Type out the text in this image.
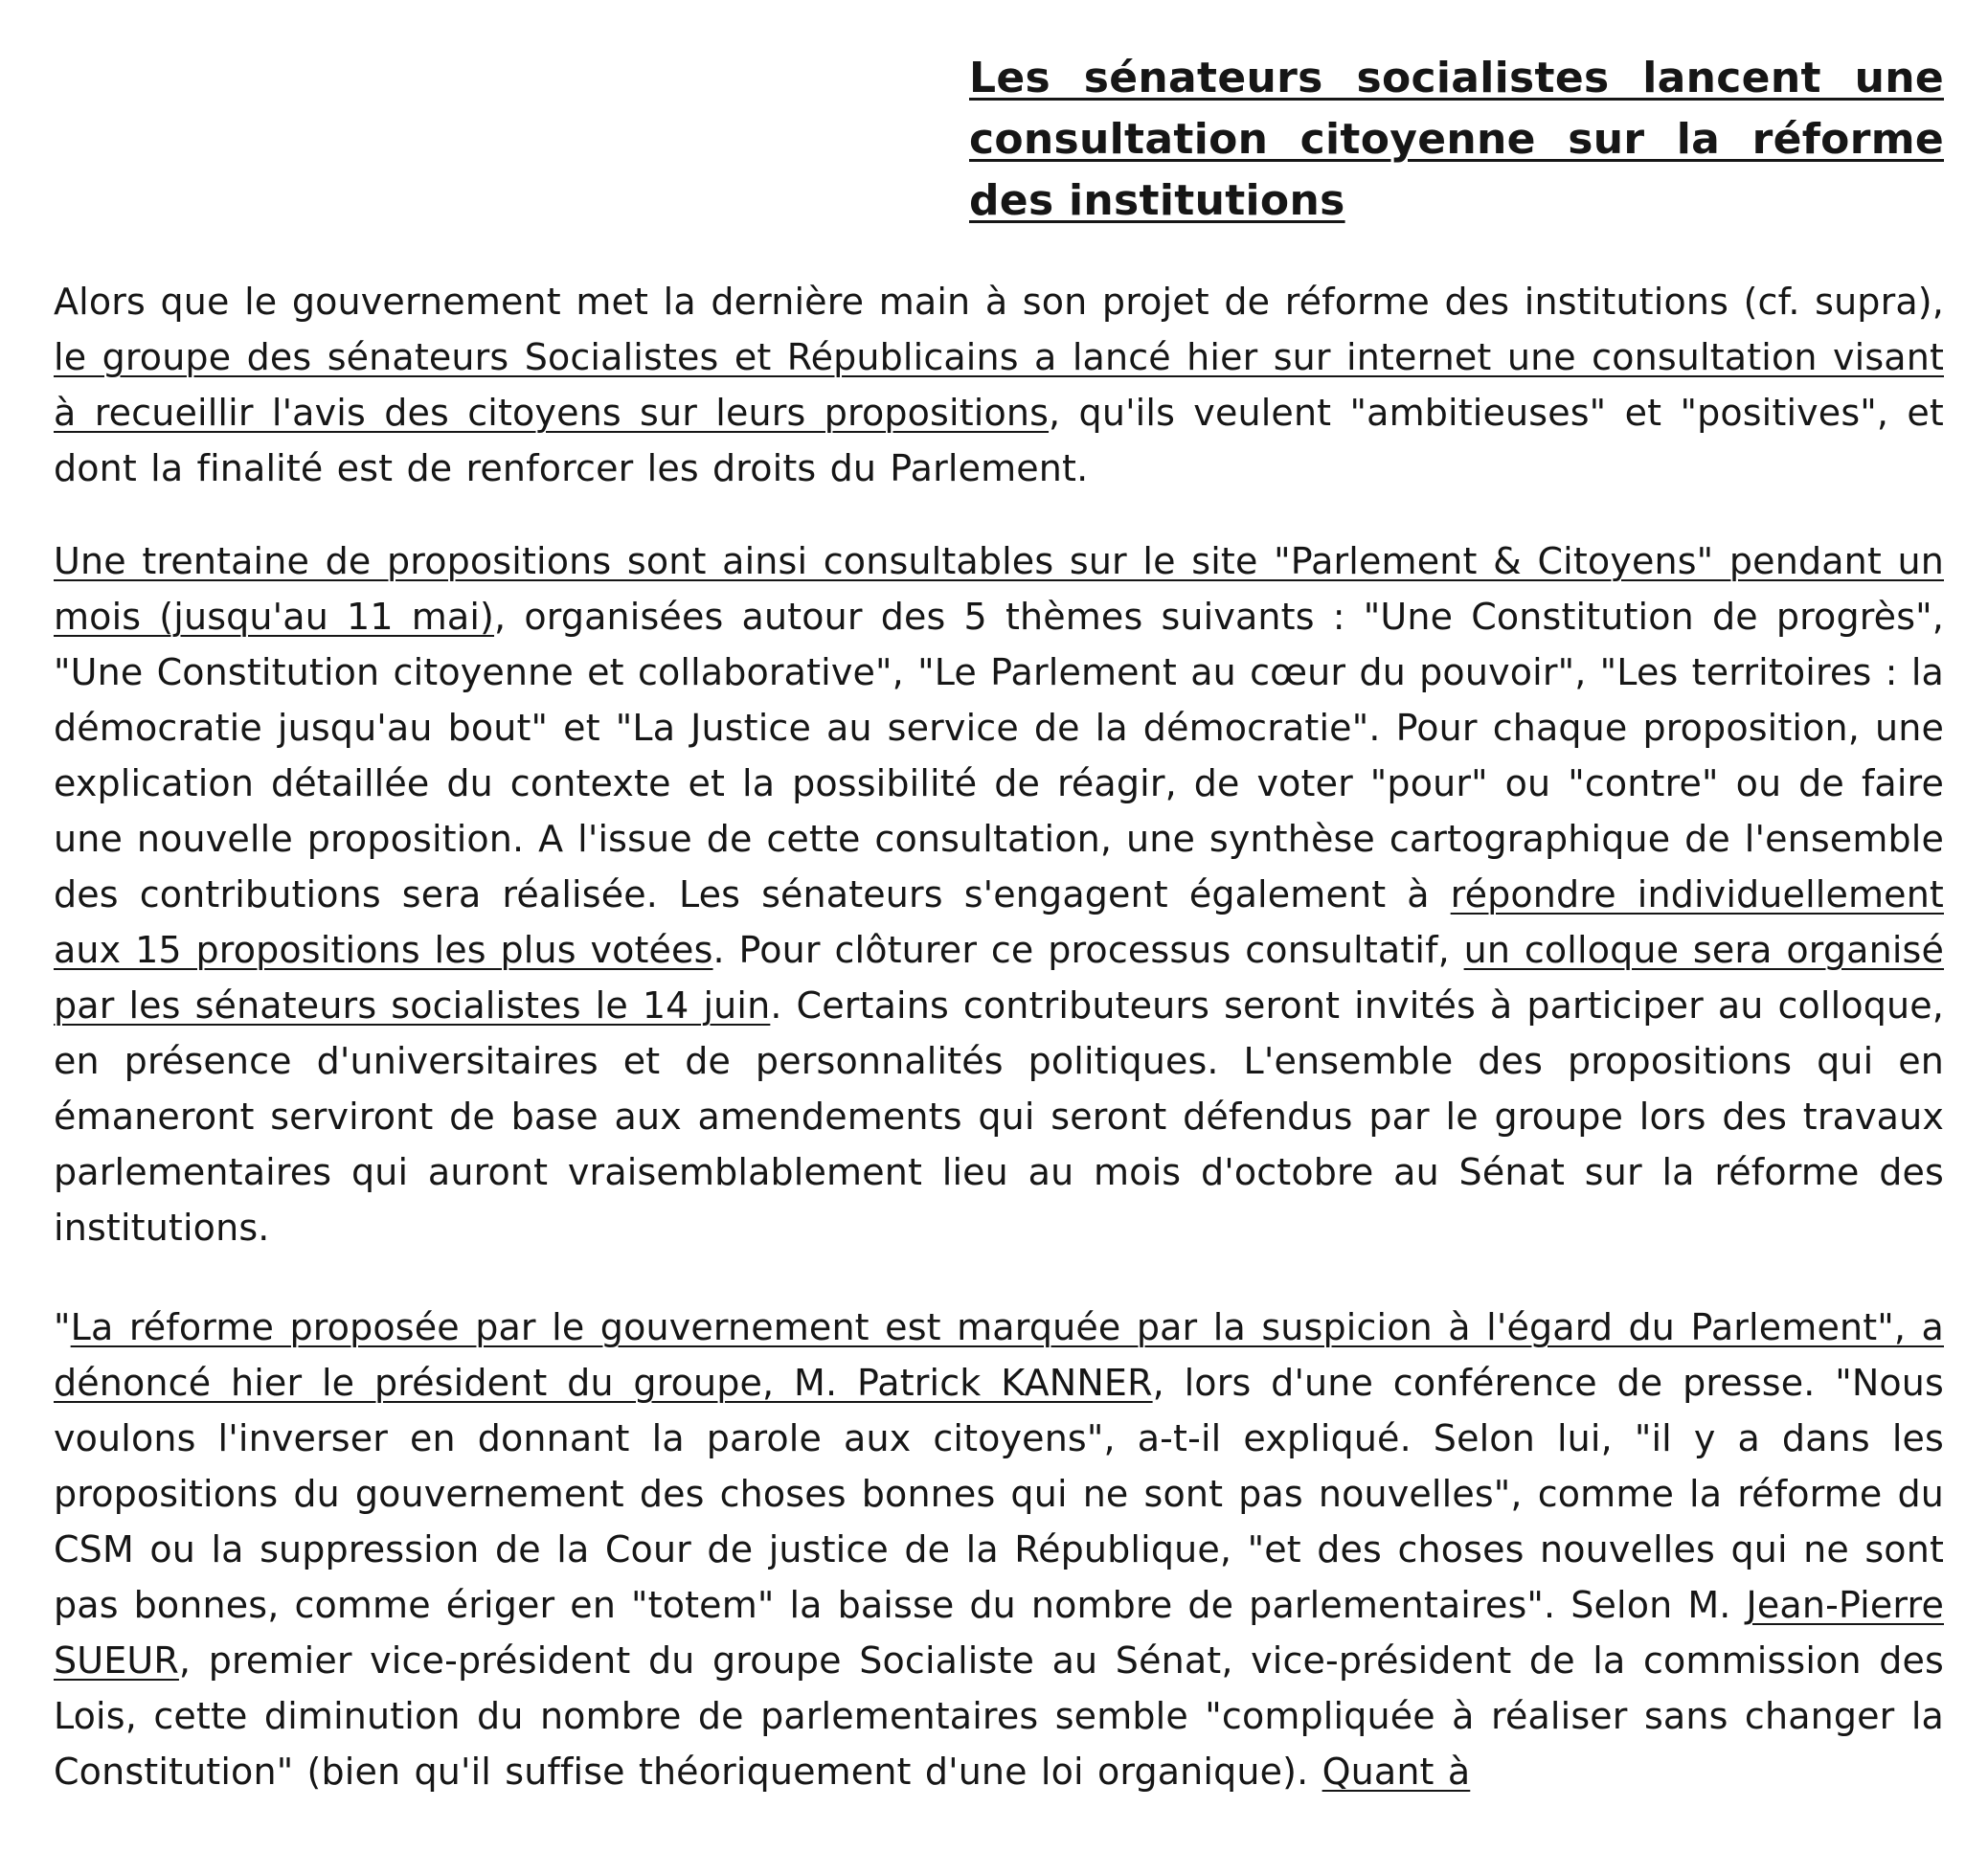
Les sénateurs socialistes lancent une consultation citoyenne sur la réforme des institutions

Alors que le gouvernement met la dernière main à son projet de réforme des institutions (cf. supra), le groupe des sénateurs Socialistes et Républicains a lancé hier sur internet une consultation visant à recueillir l'avis des citoyens sur leurs propositions, qu'ils veulent "ambitieuses" et "positives", et dont la finalité est de renforcer les droits du Parlement.

Une trentaine de propositions sont ainsi consultables sur le site "Parlement & Citoyens" pendant un mois (jusqu'au 11 mai), organisées autour des 5 thèmes suivants : "Une Constitution de progrès", "Une Constitution citoyenne et collaborative", "Le Parlement au cœur du pouvoir", "Les territoires : la démocratie jusqu'au bout" et "La Justice au service de la démocratie". Pour chaque proposition, une explication détaillée du contexte et la possibilité de réagir, de voter "pour" ou "contre" ou de faire une nouvelle proposition. A l'issue de cette consultation, une synthèse cartographique de l'ensemble des contributions sera réalisée. Les sénateurs s'engagent également à répondre individuellement aux 15 propositions les plus votées. Pour clôturer ce processus consultatif, un colloque sera organisé par les sénateurs socialistes le 14 juin. Certains contributeurs seront invités à participer au colloque, en présence d'universitaires et de personnalités politiques. L'ensemble des propositions qui en émaneront serviront de base aux amendements qui seront défendus par le groupe lors des travaux parlementaires qui auront vraisemblablement lieu au mois d'octobre au Sénat sur la réforme des institutions.

"La réforme proposée par le gouvernement est marquée par la suspicion à l'égard du Parlement", a dénoncé hier le président du groupe, M. Patrick KANNER, lors d'une conférence de presse. "Nous voulons l'inverser en donnant la parole aux citoyens", a-t-il expliqué. Selon lui, "il y a dans les propositions du gouvernement des choses bonnes qui ne sont pas nouvelles", comme la réforme du CSM ou la suppression de la Cour de justice de la République, "et des choses nouvelles qui ne sont pas bonnes, comme ériger en "totem" la baisse du nombre de parlementaires". Selon M. Jean-Pierre SUEUR, premier vice-président du groupe Socialiste au Sénat, vice-président de la commission des Lois, cette diminution du nombre de parlementaires semble "compliquée à réaliser sans changer la Constitution" (bien qu'il suffise théoriquement d'une loi organique). Quant à
